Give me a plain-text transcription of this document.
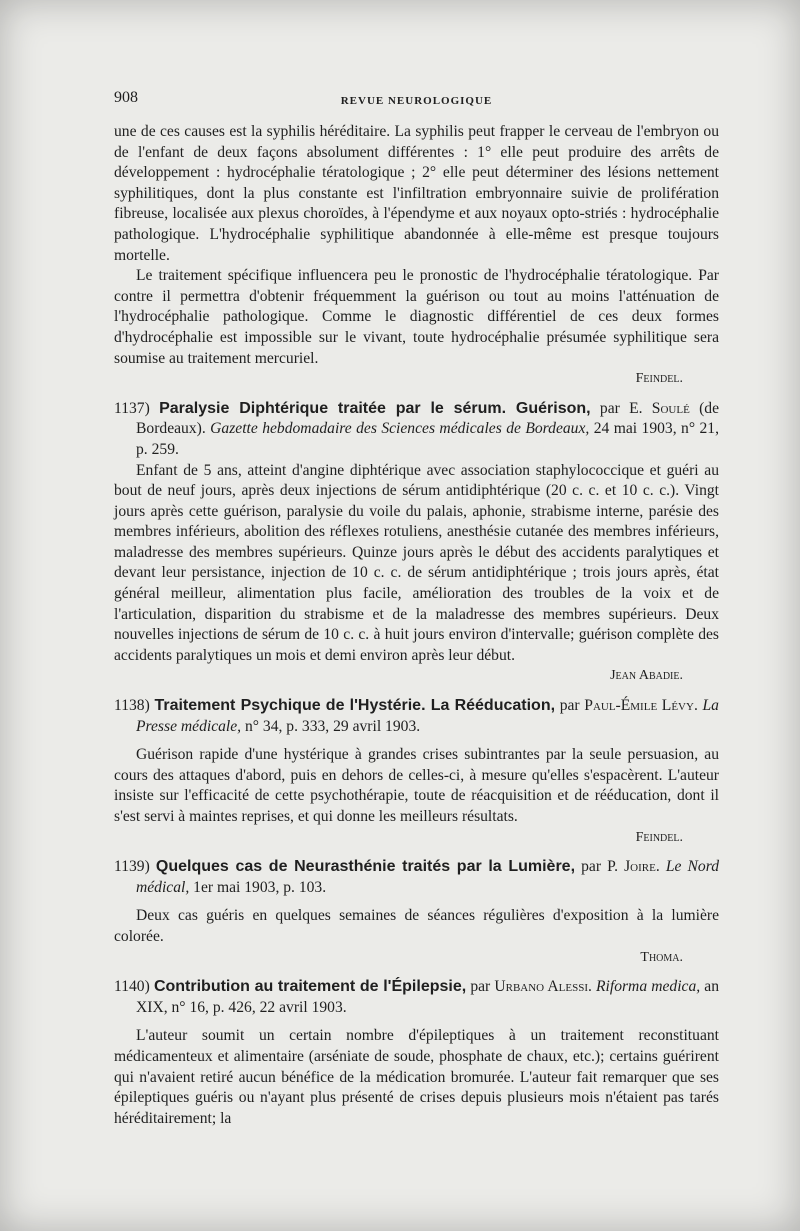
908	REVUE NEUROLOGIQUE

une de ces causes est la syphilis héréditaire. La syphilis peut frapper le cerveau de l'embryon ou de l'enfant de deux façons absolument différentes : 1° elle peut produire des arrêts de développement : hydrocéphalie tératologique ; 2° elle peut déterminer des lésions nettement syphilitiques, dont la plus constante est l'infiltration embryonnaire suivie de prolifération fibreuse, localisée aux plexus choroïdes, à l'épendyme et aux noyaux opto-striés : hydrocéphalie pathologique. L'hydrocéphalie syphilitique abandonnée à elle-même est presque toujours mortelle.

Le traitement spécifique influencera peu le pronostic de l'hydrocéphalie tératologique. Par contre il permettra d'obtenir fréquemment la guérison ou tout au moins l'atténuation de l'hydrocéphalie pathologique. Comme le diagnostic différentiel de ces deux formes d'hydrocéphalie est impossible sur le vivant, toute hydrocéphalie présumée syphilitique sera soumise au traitement mercuriel.

Feindel.

1137) Paralysie Diphtérique traitée par le sérum. Guérison, par E. Soulé (de Bordeaux). Gazette hebdomadaire des Sciences médicales de Bordeaux, 24 mai 1903, n° 21, p. 259.

Enfant de 5 ans, atteint d'angine diphtérique avec association staphylococcique et guéri au bout de neuf jours, après deux injections de sérum antidiphtérique (20 c. c. et 10 c. c.). Vingt jours après cette guérison, paralysie du voile du palais, aphonie, strabisme interne, parésie des membres inférieurs, abolition des réflexes rotuliens, anesthésie cutanée des membres inférieurs, maladresse des membres supérieurs. Quinze jours après le début des accidents paralytiques et devant leur persistance, injection de 10 c. c. de sérum antidiphtérique ; trois jours après, état général meilleur, alimentation plus facile, amélioration des troubles de la voix et de l'articulation, disparition du strabisme et de la maladresse des membres supérieurs. Deux nouvelles injections de sérum de 10 c. c. à huit jours environ d'intervalle; guérison complète des accidents paralytiques un mois et demi environ après leur début.

Jean Abadie.

1138) Traitement Psychique de l'Hystérie. La Rééducation, par Paul-Émile Lévy. La Presse médicale, n° 34, p. 333, 29 avril 1903.

Guérison rapide d'une hystérique à grandes crises subintrantes par la seule persuasion, au cours des attaques d'abord, puis en dehors de celles-ci, à mesure qu'elles s'espacèrent. L'auteur insiste sur l'efficacité de cette psychothérapie, toute de réacquisition et de rééducation, dont il s'est servi à maintes reprises, et qui donne les meilleurs résultats.

Feindel.

1139) Quelques cas de Neurasthénie traités par la Lumière, par P. Joire. Le Nord médical, 1er mai 1903, p. 103.

Deux cas guéris en quelques semaines de séances régulières d'exposition à la lumière colorée.

Thoma.

1140) Contribution au traitement de l'Épilepsie, par Urbano Alessi. Riforma medica, an XIX, n° 16, p. 426, 22 avril 1903.

L'auteur soumit un certain nombre d'épileptiques à un traitement reconstituant médicamenteux et alimentaire (arséniate de soude, phosphate de chaux, etc.); certains guérirent qui n'avaient retiré aucun bénéfice de la médication bromurée. L'auteur fait remarquer que ses épileptiques guéris ou n'ayant plus présenté de crises depuis plusieurs mois n'étaient pas tarés héréditairement; la
